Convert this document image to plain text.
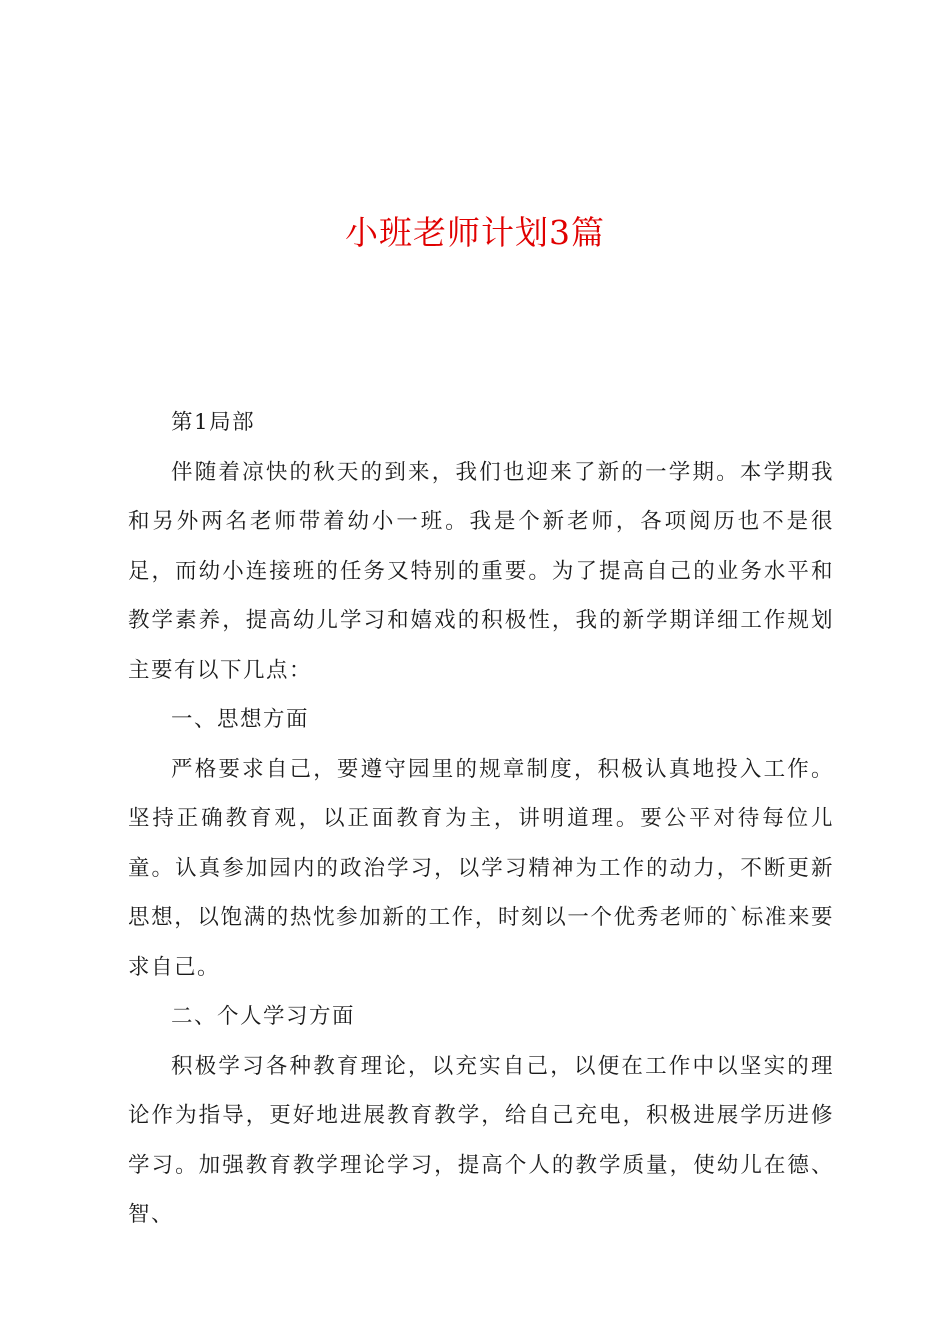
小班老师计划3篇

第1局部

伴随着凉快的秋天的到来，我们也迎来了新的一学期。本学期我和另外两名老师带着幼小一班。我是个新老师，各项阅历也不是很足，而幼小连接班的任务又特别的重要。为了提高自己的业务水平和教学素养，提高幼儿学习和嬉戏的积极性，我的新学期详细工作规划主要有以下几点：

一、思想方面

严格要求自己，要遵守园里的规章制度，积极认真地投入工作。坚持正确教育观，以正面教育为主，讲明道理。要公平对待每位儿童。认真参加园内的政治学习，以学习精神为工作的动力，不断更新思想，以饱满的热忱参加新的工作，时刻以一个优秀老师的`标准来要求自己。

二、个人学习方面

积极学习各种教育理论，以充实自己，以便在工作中以坚实的理论作为指导，更好地进展教育教学，给自己充电，积极进展学历进修学习。加强教育教学理论学习，提高个人的教学质量，使幼儿在德、智、
